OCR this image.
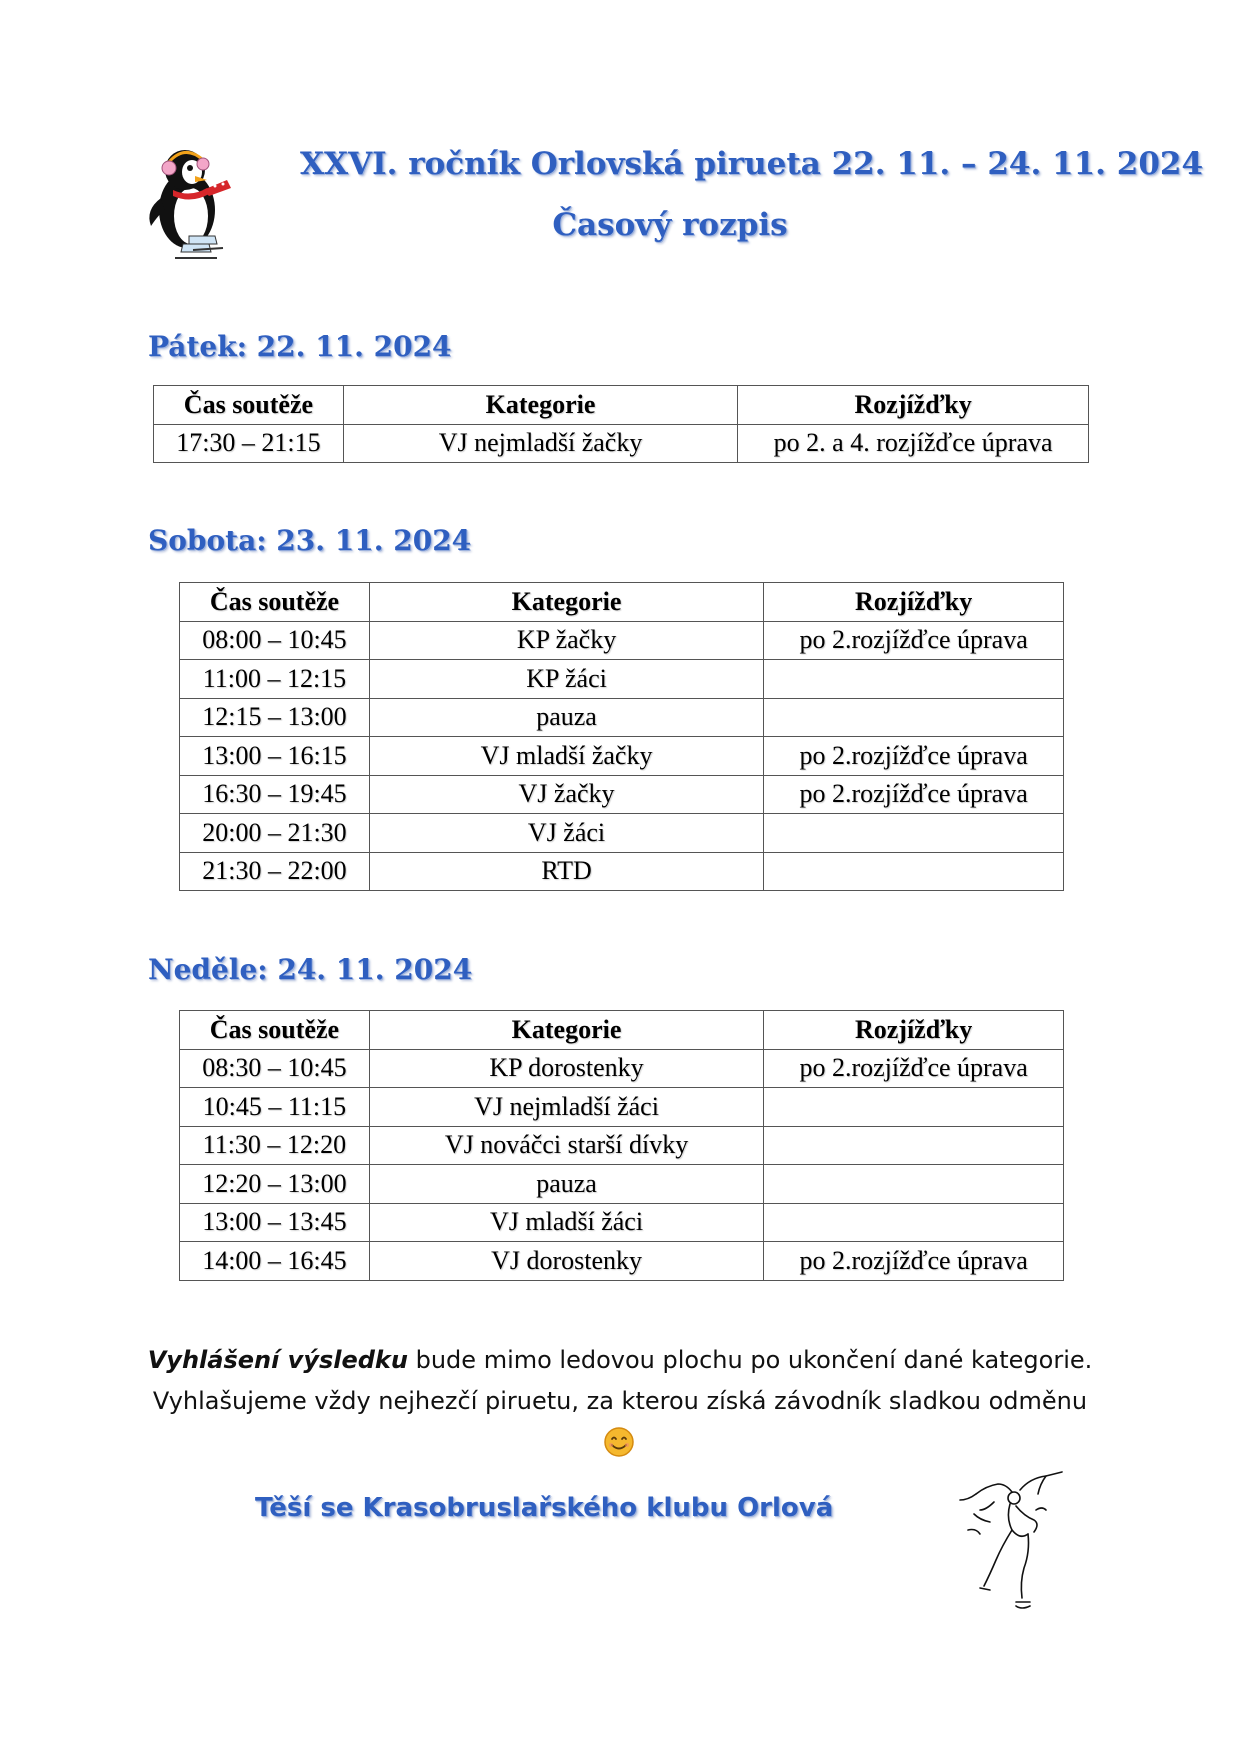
XXVI. ročník Orlovská pirueta 22. 11. – 24. 11. 2024
Časový rozpis
Pátek: 22. 11. 2024
Čas soutěže	Kategorie	Rozjížďky
17:30 – 21:15	VJ nejmladší žačky	po 2. a 4. rozjížďce úprava
Sobota: 23. 11. 2024
Čas soutěže	Kategorie	Rozjížďky
08:00 – 10:45	KP žačky	po 2.rozjížďce úprava
11:00 – 12:15	KP žáci	
12:15 – 13:00	pauza	
13:00 – 16:15	VJ mladší žačky	po 2.rozjížďce úprava
16:30 – 19:45	VJ žačky	po 2.rozjížďce úprava
20:00 – 21:30	VJ žáci	
21:30 – 22:00	RTD	
Neděle: 24. 11. 2024
Čas soutěže	Kategorie	Rozjížďky
08:30 – 10:45	KP dorostenky	po 2.rozjížďce úprava
10:45 – 11:15	VJ nejmladší žáci	
11:30 – 12:20	VJ nováčci starší dívky	
12:20 – 13:00	pauza	
13:00 – 13:45	VJ mladší žáci	
14:00 – 16:45	VJ dorostenky	po 2.rozjížďce úprava
Vyhlášení výsledku bude mimo ledovou plochu po ukončení dané kategorie.
Vyhlašujeme vždy nejhezčí piruetu, za kterou získá závodník sladkou odměnu
Těší se Krasobruslařského klubu Orlová
